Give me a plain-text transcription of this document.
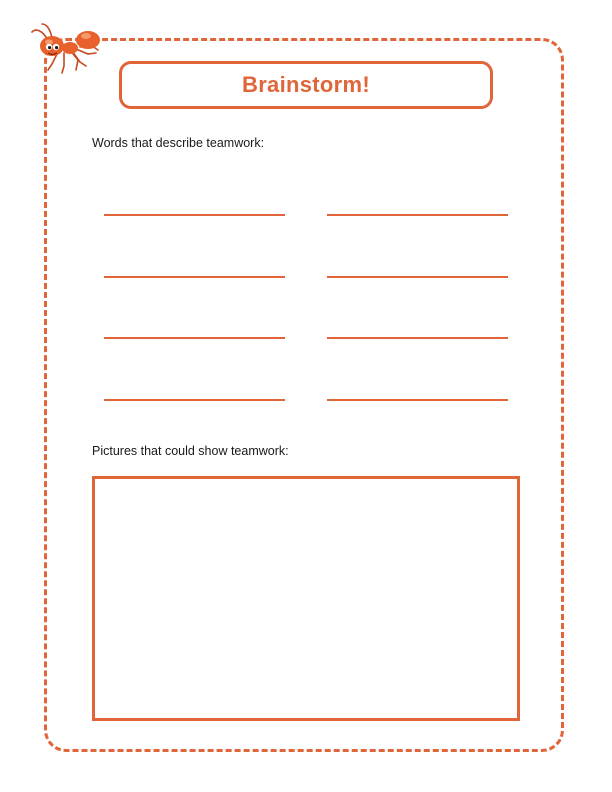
Brainstorm!
Words that describe teamwork:
Pictures that could show teamwork:
